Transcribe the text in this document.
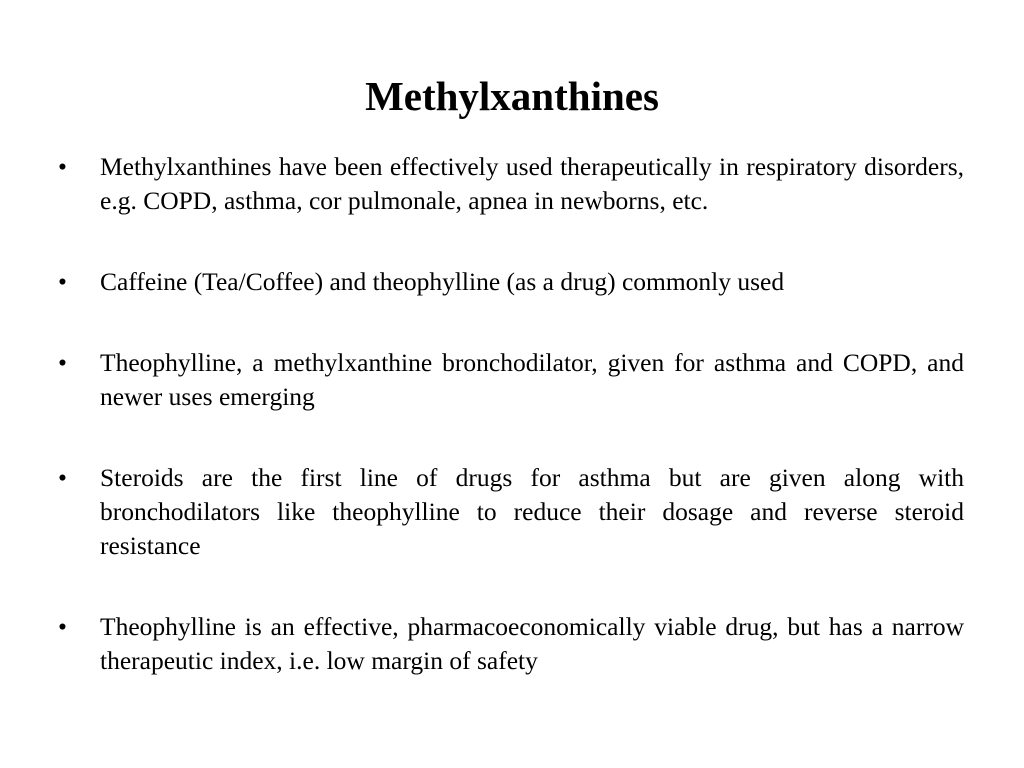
Methylxanthines
•	Methylxanthines have been effectively used therapeutically in respiratory disorders, e.g. COPD, asthma, cor pulmonale, apnea in newborns, etc.
•	Caffeine (Tea/Coffee) and theophylline (as a drug) commonly used
•	Theophylline, a methylxanthine bronchodilator, given for asthma and COPD, and newer uses emerging
•	Steroids are the first line of drugs for asthma but are given along with bronchodilators like theophylline to reduce their dosage and reverse steroid resistance
•	Theophylline is an effective, pharmacoeconomically viable drug, but has a narrow therapeutic index, i.e. low margin of safety
